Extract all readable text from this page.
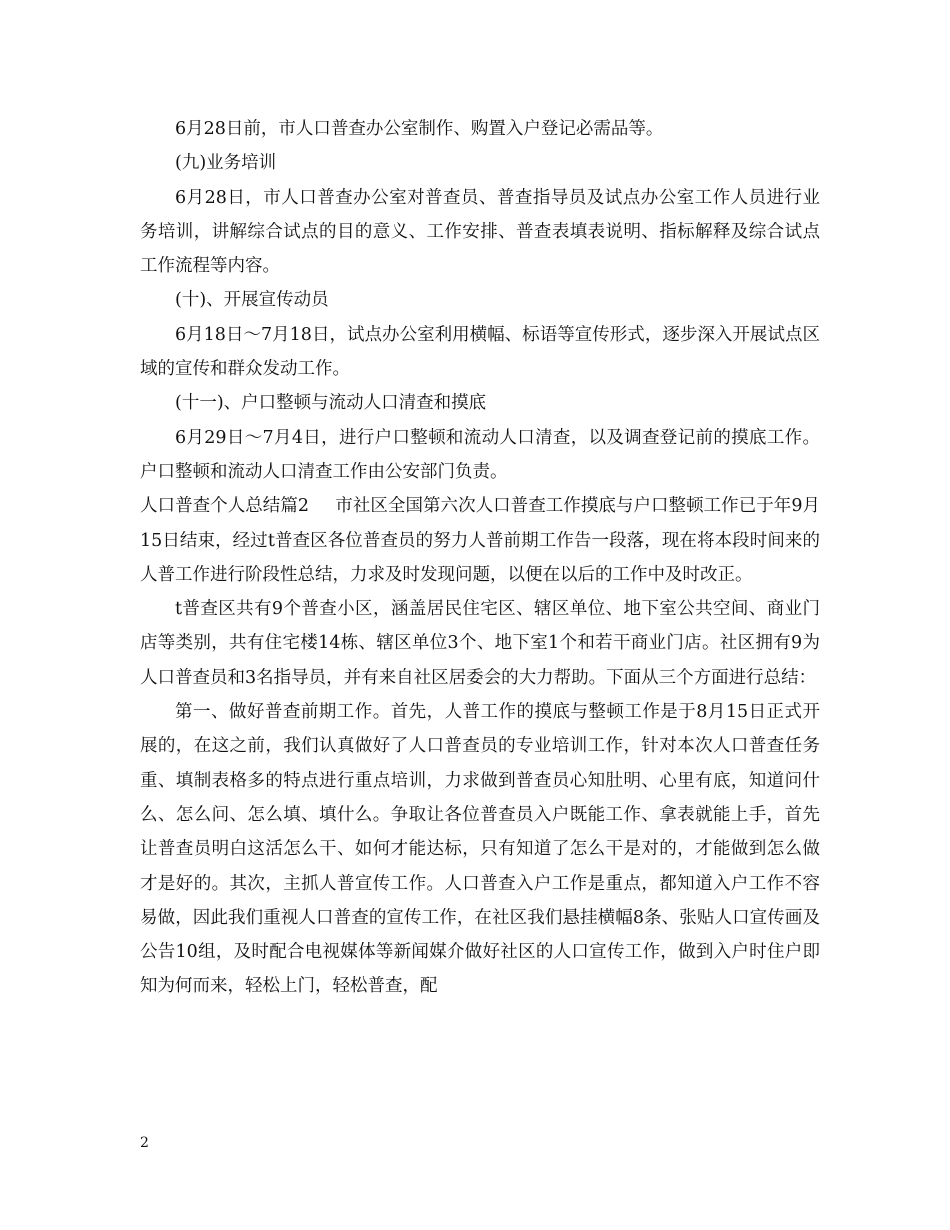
6月28日前，市人口普查办公室制作、购置入户登记必需品等。

(九)业务培训

6月28日，市人口普查办公室对普查员、普查指导员及试点办公室工作人员进行业务培训，讲解综合试点的目的意义、工作安排、普查表填表说明、指标解释及综合试点工作流程等内容。

(十)、开展宣传动员

6月18日～7月18日，试点办公室利用横幅、标语等宣传形式，逐步深入开展试点区域的宣传和群众发动工作。

(十一)、户口整顿与流动人口清查和摸底

6月29日～7月4日，进行户口整顿和流动人口清查，以及调查登记前的摸底工作。户口整顿和流动人口清查工作由公安部门负责。

人口普查个人总结篇2   市社区全国第六次人口普查工作摸底与户口整顿工作已于年9月15日结束，经过t普查区各位普查员的努力人普前期工作告一段落，现在将本段时间来的人普工作进行阶段性总结，力求及时发现问题，以便在以后的工作中及时改正。

t普查区共有9个普查小区，涵盖居民住宅区、辖区单位、地下室公共空间、商业门店等类别，共有住宅楼14栋、辖区单位3个、地下室1个和若干商业门店。社区拥有9为人口普查员和3名指导员，并有来自社区居委会的大力帮助。下面从三个方面进行总结：

第一、做好普查前期工作。首先，人普工作的摸底与整顿工作是于8月15日正式开展的，在这之前，我们认真做好了人口普查员的专业培训工作，针对本次人口普查任务重、填制表格多的特点进行重点培训，力求做到普查员心知肚明、心里有底，知道问什么、怎么问、怎么填、填什么。争取让各位普查员入户既能工作、拿表就能上手，首先让普查员明白这活怎么干、如何才能达标，只有知道了怎么干是对的，才能做到怎么做才是好的。其次，主抓人普宣传工作。人口普查入户工作是重点，都知道入户工作不容易做，因此我们重视人口普查的宣传工作，在社区我们悬挂横幅8条、张贴人口宣传画及公告10组，及时配合电视媒体等新闻媒介做好社区的人口宣传工作，做到入户时住户即知为何而来，轻松上门，轻松普查，配

2
